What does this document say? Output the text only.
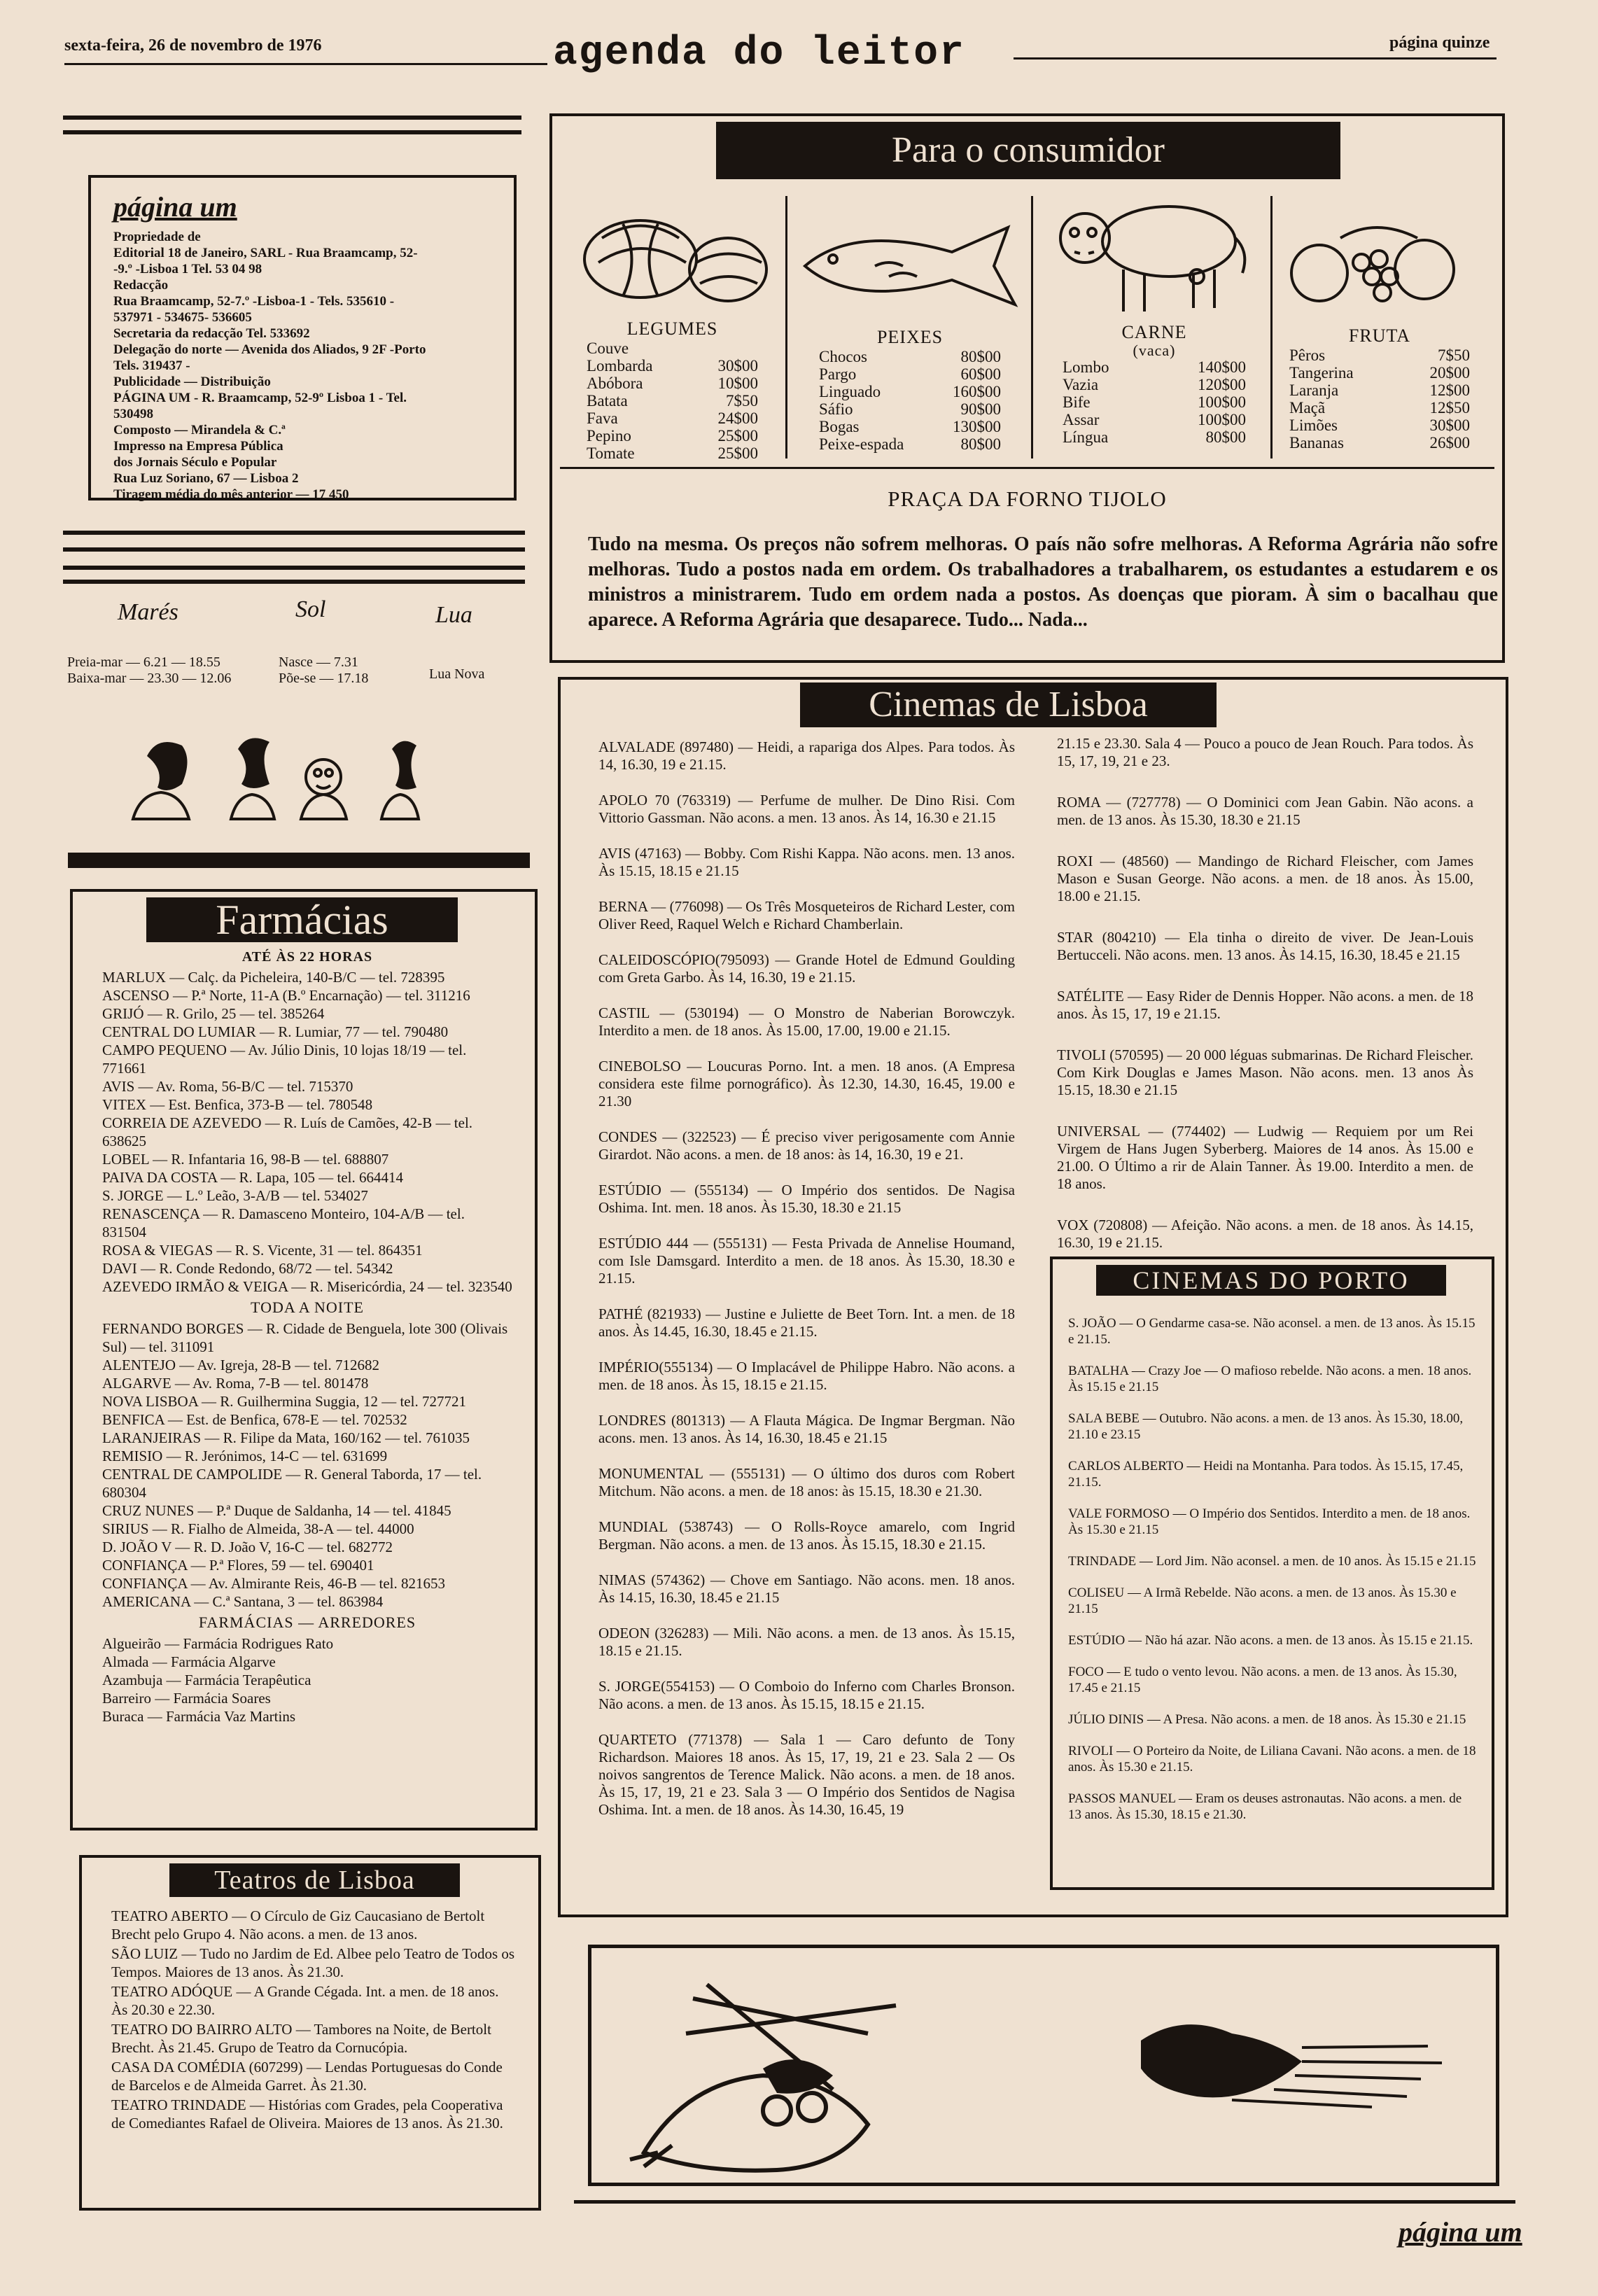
sexta-feira, 26 de novembro de 1976	agenda do leitor	página quinze
página um
Propriedade de
Editorial 18 de Janeiro, SARL - Rua Braamcamp, 52-
-9.º -Lisboa 1 Tel. 53 04 98
Redacção
Rua Braamcamp, 52-7.º -Lisboa-1 - Tels. 535610 -
537971 - 534675- 536605
Secretaria da redacção Tel. 533692
Delegação do norte — Avenida dos Aliados, 9 2F -Porto
Tels. 319437 -
Publicidade — Distribuição
PÁGINA UM - R. Braamcamp, 52-9º Lisboa 1 - Tel.
530498
Composto — Mirandela & C.ª
Impresso na Empresa Pública
dos Jornais Século e Popular
Rua Luz Soriano, 67 — Lisboa 2
Tiragem média do mês anterior — 17 450
Marés	Sol	Lua
Preia-mar — 6.21 — 18.55
Baixa-mar — 23.30 — 12.06
Nasce — 7.31
Põe-se — 17.18	Lua Nova
Farmácias
ATÉ ÀS 22 HORAS
MARLUX — Calç. da Picheleira, 140-B/C — tel. 728395
ASCENSO — P.ª Norte, 11-A (B.º Encarnação) — tel. 311216
GRIJÓ — R. Grilo, 25 — tel. 385264
CENTRAL DO LUMIAR — R. Lumiar, 77 — tel. 790480
CAMPO PEQUENO — Av. Júlio Dinis, 10 lojas 18/19 — tel. 771661
AVIS — Av. Roma, 56-B/C — tel. 715370
VITEX — Est. Benfica, 373-B — tel. 780548
CORREIA DE AZEVEDO — R. Luís de Camões, 42-B — tel. 638625
LOBEL — R. Infantaria 16, 98-B — tel. 688807
PAIVA DA COSTA — R. Lapa, 105 — tel. 664414
S. JORGE — L.º Leão, 3-A/B — tel. 534027
RENASCENÇA — R. Damasceno Monteiro, 104-A/B — tel. 831504
ROSA & VIEGAS — R. S. Vicente, 31 — tel. 864351
DAVI — R. Conde Redondo, 68/72 — tel. 54342
AZEVEDO IRMÃO & VEIGA — R. Misericórdia, 24 — tel. 323540
TODA A NOITE
FERNANDO BORGES — R. Cidade de Benguela, lote 300 (Olivais Sul) — tel. 311091
ALENTEJO — Av. Igreja, 28-B — tel. 712682
ALGARVE — Av. Roma, 7-B — tel. 801478
NOVA LISBOA — R. Guilhermina Suggia, 12 — tel. 727721
BENFICA — Est. de Benfica, 678-E — tel. 702532
LARANJEIRAS — R. Filipe da Mata, 160/162 — tel. 761035
REMISIO — R. Jerónimos, 14-C — tel. 631699
CENTRAL DE CAMPOLIDE — R. General Taborda, 17 — tel. 680304
CRUZ NUNES — P.ª Duque de Saldanha, 14 — tel. 41845
SIRIUS — R. Fialho de Almeida, 38-A — tel. 44000
D. JOÃO V — R. D. João V, 16-C — tel. 682772
CONFIANÇA — P.ª Flores, 59 — tel. 690401
CONFIANÇA — Av. Almirante Reis, 46-B — tel. 821653
AMERICANA — C.ª Santana, 3 — tel. 863984
FARMÁCIAS — ARREDORES
Algueirão — Farmácia Rodrigues Rato
Almada — Farmácia Algarve
Azambuja — Farmácia Terapêutica
Barreiro — Farmácia Soares
Buraca — Farmácia Vaz Martins
Teatros de Lisboa

TEATRO ABERTO — O Círculo de Giz Caucasiano de Bertolt Brecht pelo Grupo 4. Não acons. a men. de 13 anos.

SÃO LUIZ — Tudo no Jardim de Ed. Albee pelo Teatro de Todos os Tempos. Maiores de 13 anos. Às 21.30.

TEATRO ADÓQUE — A Grande Cégada. Int. a men. de 18 anos. Às 20.30 e 22.30.

TEATRO DO BAIRRO ALTO — Tambores na Noite, de Bertolt Brecht. Às 21.45. Grupo de Teatro da Cornucópia.

CASA DA COMÉDIA (607299) — Lendas Portuguesas do Conde de Barcelos e de Almeida Garret. Às 21.30.

TEATRO TRINDADE — Histórias com Grades, pela Cooperativa de Comediantes Rafael de Oliveira. Maiores de 13 anos. Às 21.30.

Para o consumidor
LEGUMES
Couve	
Lombarda	30$00
Abóbora	10$00
Batata	7$50
Fava	24$00
Pepino	25$00
Tomate	25$00
PEIXES
Chocos	80$00
Pargo	60$00
Linguado	160$00
Sáfio	90$00
Bogas	130$00
Peixe-espada	80$00
CARNE
(vaca)
Lombo	140$00
Vazia	120$00
Bife	100$00
Assar	100$00
Língua	80$00
FRUTA
Pêros	7$50
Tangerina	20$00
Laranja	12$00
Maçã	12$50
Limões	30$00
Bananas	26$00
PRAÇA DA FORNO TIJOLO
Tudo na mesma. Os preços não sofrem melhoras. O país não sofre melhoras. A Reforma Agrária não sofre melhoras. Tudo a postos nada em ordem. Os trabalhadores a trabalharem, os estudantes a estudarem e os ministros a ministrarem. Tudo em ordem nada a postos. As doenças que pioram. À sim o bacalhau que aparece. A Reforma Agrária que desaparece. Tudo... Nada...
Cinemas de Lisboa

ALVALADE (897480) — Heidi, a rapariga dos Alpes. Para todos. Às 14, 16.30, 19 e 21.15.

APOLO 70 (763319) — Perfume de mulher. De Dino Risi. Com Vittorio Gassman. Não acons. a men. 13 anos. Às 14, 16.30 e 21.15

AVIS (47163) — Bobby. Com Rishi Kappa. Não acons. men. 13 anos. Às 15.15, 18.15 e 21.15

BERNA — (776098) — Os Três Mosqueteiros de Richard Lester, com Oliver Reed, Raquel Welch e Richard Chamberlain.

CALEIDOSCÓPIO(795093) — Grande Hotel de Edmund Goulding com Greta Garbo. Às 14, 16.30, 19 e 21.15.

CASTIL — (530194) — O Monstro de Naberian Borowczyk. Interdito a men. de 18 anos. Às 15.00, 17.00, 19.00 e 21.15.

CINEBOLSO — Loucuras Porno. Int. a men. 18 anos. (A Empresa considera este filme pornográfico). Às 12.30, 14.30, 16.45, 19.00 e 21.30

CONDES — (322523) — É preciso viver perigosamente com Annie Girardot. Não acons. a men. de 18 anos: às 14, 16.30, 19 e 21.

ESTÚDIO — (555134) — O Império dos sentidos. De Nagisa Oshima. Int. men. 18 anos. Às 15.30, 18.30 e 21.15

ESTÚDIO 444 — (555131) — Festa Privada de Annelise Houmand, com Isle Damsgard. Interdito a men. de 18 anos. Às 15.30, 18.30 e 21.15.

PATHÉ (821933) — Justine e Juliette de Beet Torn. Int. a men. de 18 anos. Às 14.45, 16.30, 18.45 e 21.15.

IMPÉRIO(555134) — O Implacável de Philippe Habro. Não acons. a men. de 18 anos. Às 15, 18.15 e 21.15.

LONDRES (801313) — A Flauta Mágica. De Ingmar Bergman. Não acons. men. 13 anos. Às 14, 16.30, 18.45 e 21.15

MONUMENTAL — (555131) — O último dos duros com Robert Mitchum. Não acons. a men. de 18 anos: às 15.15, 18.30 e 21.30.

MUNDIAL (538743) — O Rolls-Royce amarelo, com Ingrid Bergman. Não acons. a men. de 13 anos. Às 15.15, 18.30 e 21.15.

NIMAS (574362) — Chove em Santiago. Não acons. men. 18 anos. Às 14.15, 16.30, 18.45 e 21.15

ODEON (326283) — Mili. Não acons. a men. de 13 anos. Às 15.15, 18.15 e 21.15.

S. JORGE(554153) — O Comboio do Inferno com Charles Bronson. Não acons. a men. de 13 anos. Às 15.15, 18.15 e 21.15.

QUARTETO (771378) — Sala 1 — Caro defunto de Tony Richardson. Maiores 18 anos. Às 15, 17, 19, 21 e 23. Sala 2 — Os noivos sangrentos de Terence Malick. Não acons. a men. de 18 anos. Às 15, 17, 19, 21 e 23. Sala 3 — O Império dos Sentidos de Nagisa Oshima. Int. a men. de 18 anos. Às 14.30, 16.45, 19

21.15 e 23.30. Sala 4 — Pouco a pouco de Jean Rouch. Para todos. Às 15, 17, 19, 21 e 23.

ROMA — (727778) — O Dominici com Jean Gabin. Não acons. a men. de 13 anos. Às 15.30, 18.30 e 21.15

ROXI — (48560) — Mandingo de Richard Fleischer, com James Mason e Susan George. Não acons. a men. de 18 anos. Às 15.00, 18.00 e 21.15.

STAR (804210) — Ela tinha o direito de viver. De Jean-Louis Bertucceli. Não acons. men. 13 anos. Às 14.15, 16.30, 18.45 e 21.15

SATÉLITE — Easy Rider de Dennis Hopper. Não acons. a men. de 18 anos. Às 15, 17, 19 e 21.15.

TIVOLI (570595) — 20 000 léguas submarinas. De Richard Fleischer. Com Kirk Douglas e James Mason. Não acons. men. 13 anos Às 15.15, 18.30 e 21.15

UNIVERSAL — (774402) — Ludwig — Requiem por um Rei Virgem de Hans Jugen Syberberg. Maiores de 14 anos. Às 15.00 e 21.00. O Último a rir de Alain Tanner. Às 19.00. Interdito a men. de 18 anos.

VOX (720808) — Afeição. Não acons. a men. de 18 anos. Às 14.15, 16.30, 19 e 21.15.

CINEMAS DO PORTO

S. JOÃO — O Gendarme casa-se. Não aconsel. a men. de 13 anos. Às 15.15 e 21.15.

BATALHA — Crazy Joe — O mafioso rebelde. Não acons. a men. 18 anos. Às 15.15 e 21.15

SALA BEBE — Outubro. Não acons. a men. de 13 anos. Às 15.30, 18.00, 21.10 e 23.15

CARLOS ALBERTO — Heidi na Montanha. Para todos. Às 15.15, 17.45, 21.15.

VALE FORMOSO — O Império dos Sentidos. Interdito a men. de 18 anos. Às 15.30 e 21.15

TRINDADE — Lord Jim. Não aconsel. a men. de 10 anos. Às 15.15 e 21.15

COLISEU — A Irmã Rebelde. Não acons. a men. de 13 anos. Às 15.30 e 21.15

ESTÚDIO — Não há azar. Não acons. a men. de 13 anos. Às 15.15 e 21.15.

FOCO — E tudo o vento levou. Não acons. a men. de 13 anos. Às 15.30, 17.45 e 21.15

JÚLIO DINIS — A Presa. Não acons. a men. de 18 anos. Às 15.30 e 21.15

RIVOLI — O Porteiro da Noite, de Liliana Cavani. Não acons. a men. de 18 anos. Às 15.30 e 21.15.

PASSOS MANUEL — Eram os deuses astronautas. Não acons. a men. de 13 anos. Às 15.30, 18.15 e 21.30.

página um
